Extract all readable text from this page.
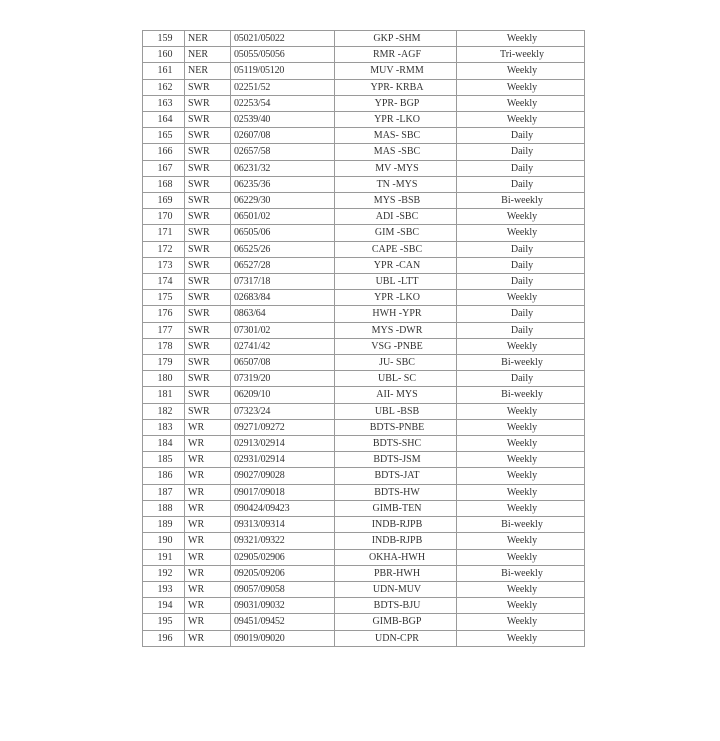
159	NER	05021/05022	GKP -SHM	Weekly
160	NER	05055/05056	RMR -AGF	Tri-weekly
161	NER	05119/05120	MUV -RMM	Weekly
162	SWR	02251/52	YPR- KRBA	Weekly
163	SWR	02253/54	YPR- BGP	Weekly
164	SWR	02539/40	YPR -LKO	Weekly
165	SWR	02607/08	MAS- SBC	Daily
166	SWR	02657/58	MAS -SBC	Daily
167	SWR	06231/32	MV -MYS	Daily
168	SWR	06235/36	TN -MYS	Daily
169	SWR	06229/30	MYS -BSB	Bi-weekly
170	SWR	06501/02	ADI -SBC	Weekly
171	SWR	06505/06	GIM -SBC	Weekly
172	SWR	06525/26	CAPE -SBC	Daily
173	SWR	06527/28	YPR -CAN	Daily
174	SWR	07317/18	UBL -LTT	Daily
175	SWR	02683/84	YPR -LKO	Weekly
176	SWR	0863/64	HWH -YPR	Daily
177	SWR	07301/02	MYS -DWR	Daily
178	SWR	02741/42	VSG -PNBE	Weekly
179	SWR	06507/08	JU- SBC	Bi-weekly
180	SWR	07319/20	UBL- SC	Daily
181	SWR	06209/10	AII- MYS	Bi-weekly
182	SWR	07323/24	UBL -BSB	Weekly
183	WR	09271/09272	BDTS-PNBE	Weekly
184	WR	02913/02914	BDTS-SHC	Weekly
185	WR	02931/02914	BDTS-JSM	Weekly
186	WR	09027/09028	BDTS-JAT	Weekly
187	WR	09017/09018	BDTS-HW	Weekly
188	WR	090424/09423	GIMB-TEN	Weekly
189	WR	09313/09314	INDB-RJPB	Bi-weekly
190	WR	09321/09322	INDB-RJPB	Weekly
191	WR	02905/02906	OKHA-HWH	Weekly
192	WR	09205/09206	PBR-HWH	Bi-weekly
193	WR	09057/09058	UDN-MUV	Weekly
194	WR	09031/09032	BDTS-BJU	Weekly
195	WR	09451/09452	GIMB-BGP	Weekly
196	WR	09019/09020	UDN-CPR	Weekly
